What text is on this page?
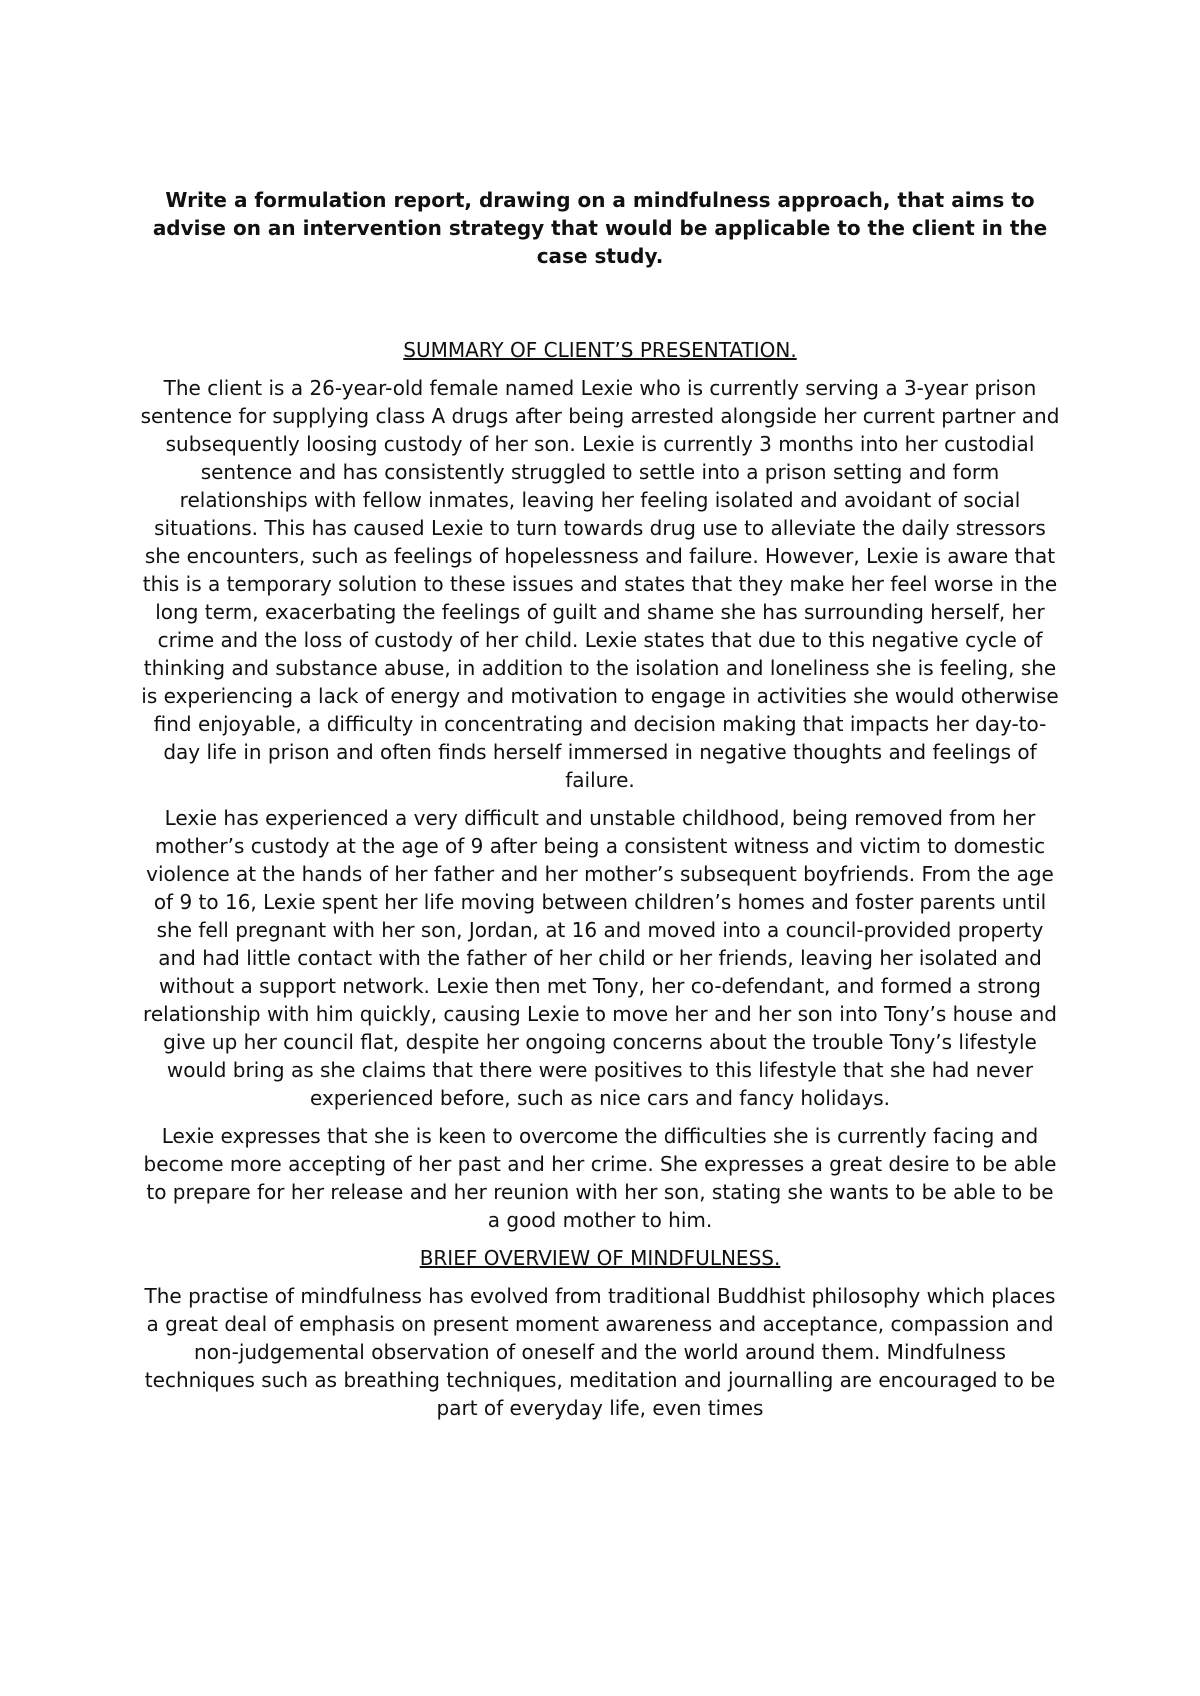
Write a formulation report, drawing on a mindfulness approach, that aims to advise on an intervention strategy that would be applicable to the client in the case study.

SUMMARY OF CLIENT’S PRESENTATION.

The client is a 26-year-old female named Lexie who is currently serving a 3-year prison sentence for supplying class A drugs after being arrested alongside her current partner and subsequently loosing custody of her son. Lexie is currently 3 months into her custodial sentence and has consistently struggled to settle into a prison setting and form relationships with fellow inmates, leaving her feeling isolated and avoidant of social situations. This has caused Lexie to turn towards drug use to alleviate the daily stressors she encounters, such as feelings of hopelessness and failure. However, Lexie is aware that this is a temporary solution to these issues and states that they make her feel worse in the long term, exacerbating the feelings of guilt and shame she has surrounding herself, her crime and the loss of custody of her child. Lexie states that due to this negative cycle of thinking and substance abuse, in addition to the isolation and loneliness she is feeling, she is experiencing a lack of energy and motivation to engage in activities she would otherwise find enjoyable, a difficulty in concentrating and decision making that impacts her day-to-day life in prison and often finds herself immersed in negative thoughts and feelings of failure.

Lexie has experienced a very difficult and unstable childhood, being removed from her mother’s custody at the age of 9 after being a consistent witness and victim to domestic violence at the hands of her father and her mother’s subsequent boyfriends. From the age of 9 to 16, Lexie spent her life moving between children’s homes and foster parents until she fell pregnant with her son, Jordan, at 16 and moved into a council-provided property and had little contact with the father of her child or her friends, leaving her isolated and without a support network. Lexie then met Tony, her co-defendant, and formed a strong relationship with him quickly, causing Lexie to move her and her son into Tony’s house and give up her council flat, despite her ongoing concerns about the trouble Tony’s lifestyle would bring as she claims that there were positives to this lifestyle that she had never experienced before, such as nice cars and fancy holidays.

Lexie expresses that she is keen to overcome the difficulties she is currently facing and become more accepting of her past and her crime. She expresses a great desire to be able to prepare for her release and her reunion with her son, stating she wants to be able to be a good mother to him.

BRIEF OVERVIEW OF MINDFULNESS.

The practise of mindfulness has evolved from traditional Buddhist philosophy which places a great deal of emphasis on present moment awareness and acceptance, compassion and non-judgemental observation of oneself and the world around them. Mindfulness techniques such as breathing techniques, meditation and journalling are encouraged to be part of everyday life, even times
